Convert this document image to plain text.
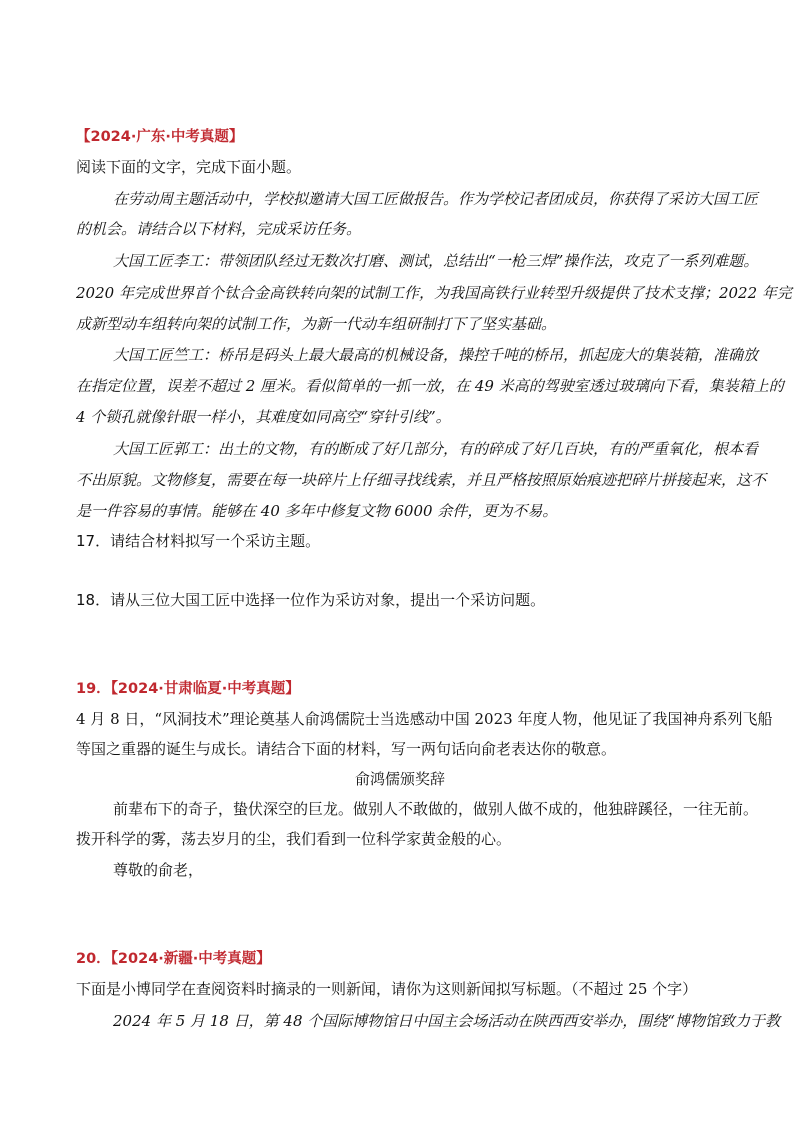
【2024·广东·中考真题】
阅读下面的文字，完成下面小题。
在劳动周主题活动中，学校拟邀请大国工匠做报告。作为学校记者团成员，你获得了采访大国工匠
的机会。请结合以下材料，完成采访任务。
大国工匠李工：带领团队经过无数次打磨、测试，总结出“一枪三焊”操作法，攻克了一系列难题。
2020 年完成世界首个钛合金高铁转向架的试制工作，为我国高铁行业转型升级提供了技术支撑；2022 年完
成新型动车组转向架的试制工作，为新一代动车组研制打下了坚实基础。
大国工匠竺工：桥吊是码头上最大最高的机械设备，操控千吨的桥吊，抓起庞大的集装箱，准确放
在指定位置，误差不超过 2 厘米。看似简单的一抓一放，在 49 米高的驾驶室透过玻璃向下看，集装箱上的
4 个锁孔就像针眼一样小，其难度如同高空“穿针引线”。
大国工匠郭工：出土的文物，有的断成了好几部分，有的碎成了好几百块，有的严重氧化，根本看
不出原貌。文物修复，需要在每一块碎片上仔细寻找线索，并且严格按照原始痕迹把碎片拼接起来，这不
是一件容易的事情。能够在 40 多年中修复文物 6000 余件，更为不易。
17．请结合材料拟写一个采访主题。
18．请从三位大国工匠中选择一位作为采访对象，提出一个采访问题。
19．【2024·甘肃临夏·中考真题】
4 月 8 日，“风洞技术”理论奠基人俞鸿儒院士当选感动中国 2023 年度人物，他见证了我国神舟系列飞船
等国之重器的诞生与成长。请结合下面的材料，写一两句话向俞老表达你的敬意。
俞鸿儒颁奖辞
前辈布下的奇子，蛰伏深空的巨龙。做别人不敢做的，做别人做不成的，他独辟蹊径，一往无前。
拨开科学的雾，荡去岁月的尘，我们看到一位科学家黄金般的心。
尊敬的俞老，
20．【2024·新疆·中考真题】
下面是小博同学在查阅资料时摘录的一则新闻，请你为这则新闻拟写标题。（不超过 25 个字）
2024 年 5 月 18 日，第 48 个国际博物馆日中国主会场活动在陕西西安举办，围绕“博物馆致力于教
